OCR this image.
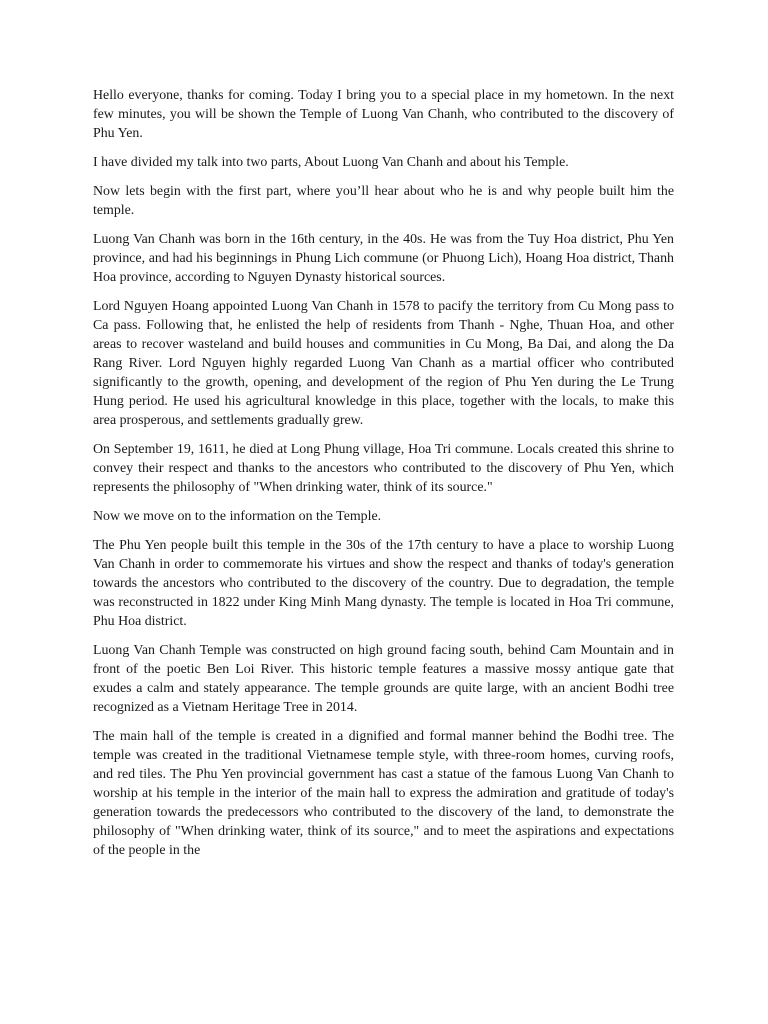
Hello everyone, thanks for coming. Today I bring you to a special place in my hometown. In the next few minutes, you will be shown the Temple of Luong Van Chanh, who contributed to the discovery of Phu Yen.

I have divided my talk into two parts, About Luong Van Chanh and about his Temple.

Now lets begin with the first part, where you’ll hear about who he is and why people built him the temple.

Luong Van Chanh was born in the 16th century, in the 40s. He was from the Tuy Hoa district, Phu Yen province, and had his beginnings in Phung Lich commune (or Phuong Lich), Hoang Hoa district, Thanh Hoa province, according to Nguyen Dynasty historical sources.

Lord Nguyen Hoang appointed Luong Van Chanh in 1578 to pacify the territory from Cu Mong pass to Ca pass. Following that, he enlisted the help of residents from Thanh - Nghe, Thuan Hoa, and other areas to recover wasteland and build houses and communities in Cu Mong, Ba Dai, and along the Da Rang River. Lord Nguyen highly regarded Luong Van Chanh as a martial officer who contributed significantly to the growth, opening, and development of the region of Phu Yen during the Le Trung Hung period. He used his agricultural knowledge in this place, together with the locals, to make this area prosperous, and settlements gradually grew.

On September 19, 1611, he died at Long Phung village, Hoa Tri commune. Locals created this shrine to convey their respect and thanks to the ancestors who contributed to the discovery of Phu Yen, which represents the philosophy of "When drinking water, think of its source."

Now we move on to the information on the Temple.

The Phu Yen people built this temple in the 30s of the 17th century to have a place to worship Luong Van Chanh in order to commemorate his virtues and show the respect and thanks of today's generation towards the ancestors who contributed to the discovery of the country. Due to degradation, the temple was reconstructed in 1822 under King Minh Mang dynasty. The temple is located in Hoa Tri commune, Phu Hoa district.

Luong Van Chanh Temple was constructed on high ground facing south, behind Cam Mountain and in front of the poetic Ben Loi River. This historic temple features a massive mossy antique gate that exudes a calm and stately appearance. The temple grounds are quite large, with an ancient Bodhi tree recognized as a Vietnam Heritage Tree in 2014.

The main hall of the temple is created in a dignified and formal manner behind the Bodhi tree. The temple was created in the traditional Vietnamese temple style, with three-room homes, curving roofs, and red tiles. The Phu Yen provincial government has cast a statue of the famous Luong Van Chanh to worship at his temple in the interior of the main hall to express the admiration and gratitude of today's generation towards the predecessors who contributed to the discovery of the land, to demonstrate the philosophy of "When drinking water, think of its source," and to meet the aspirations and expectations of the people in the
